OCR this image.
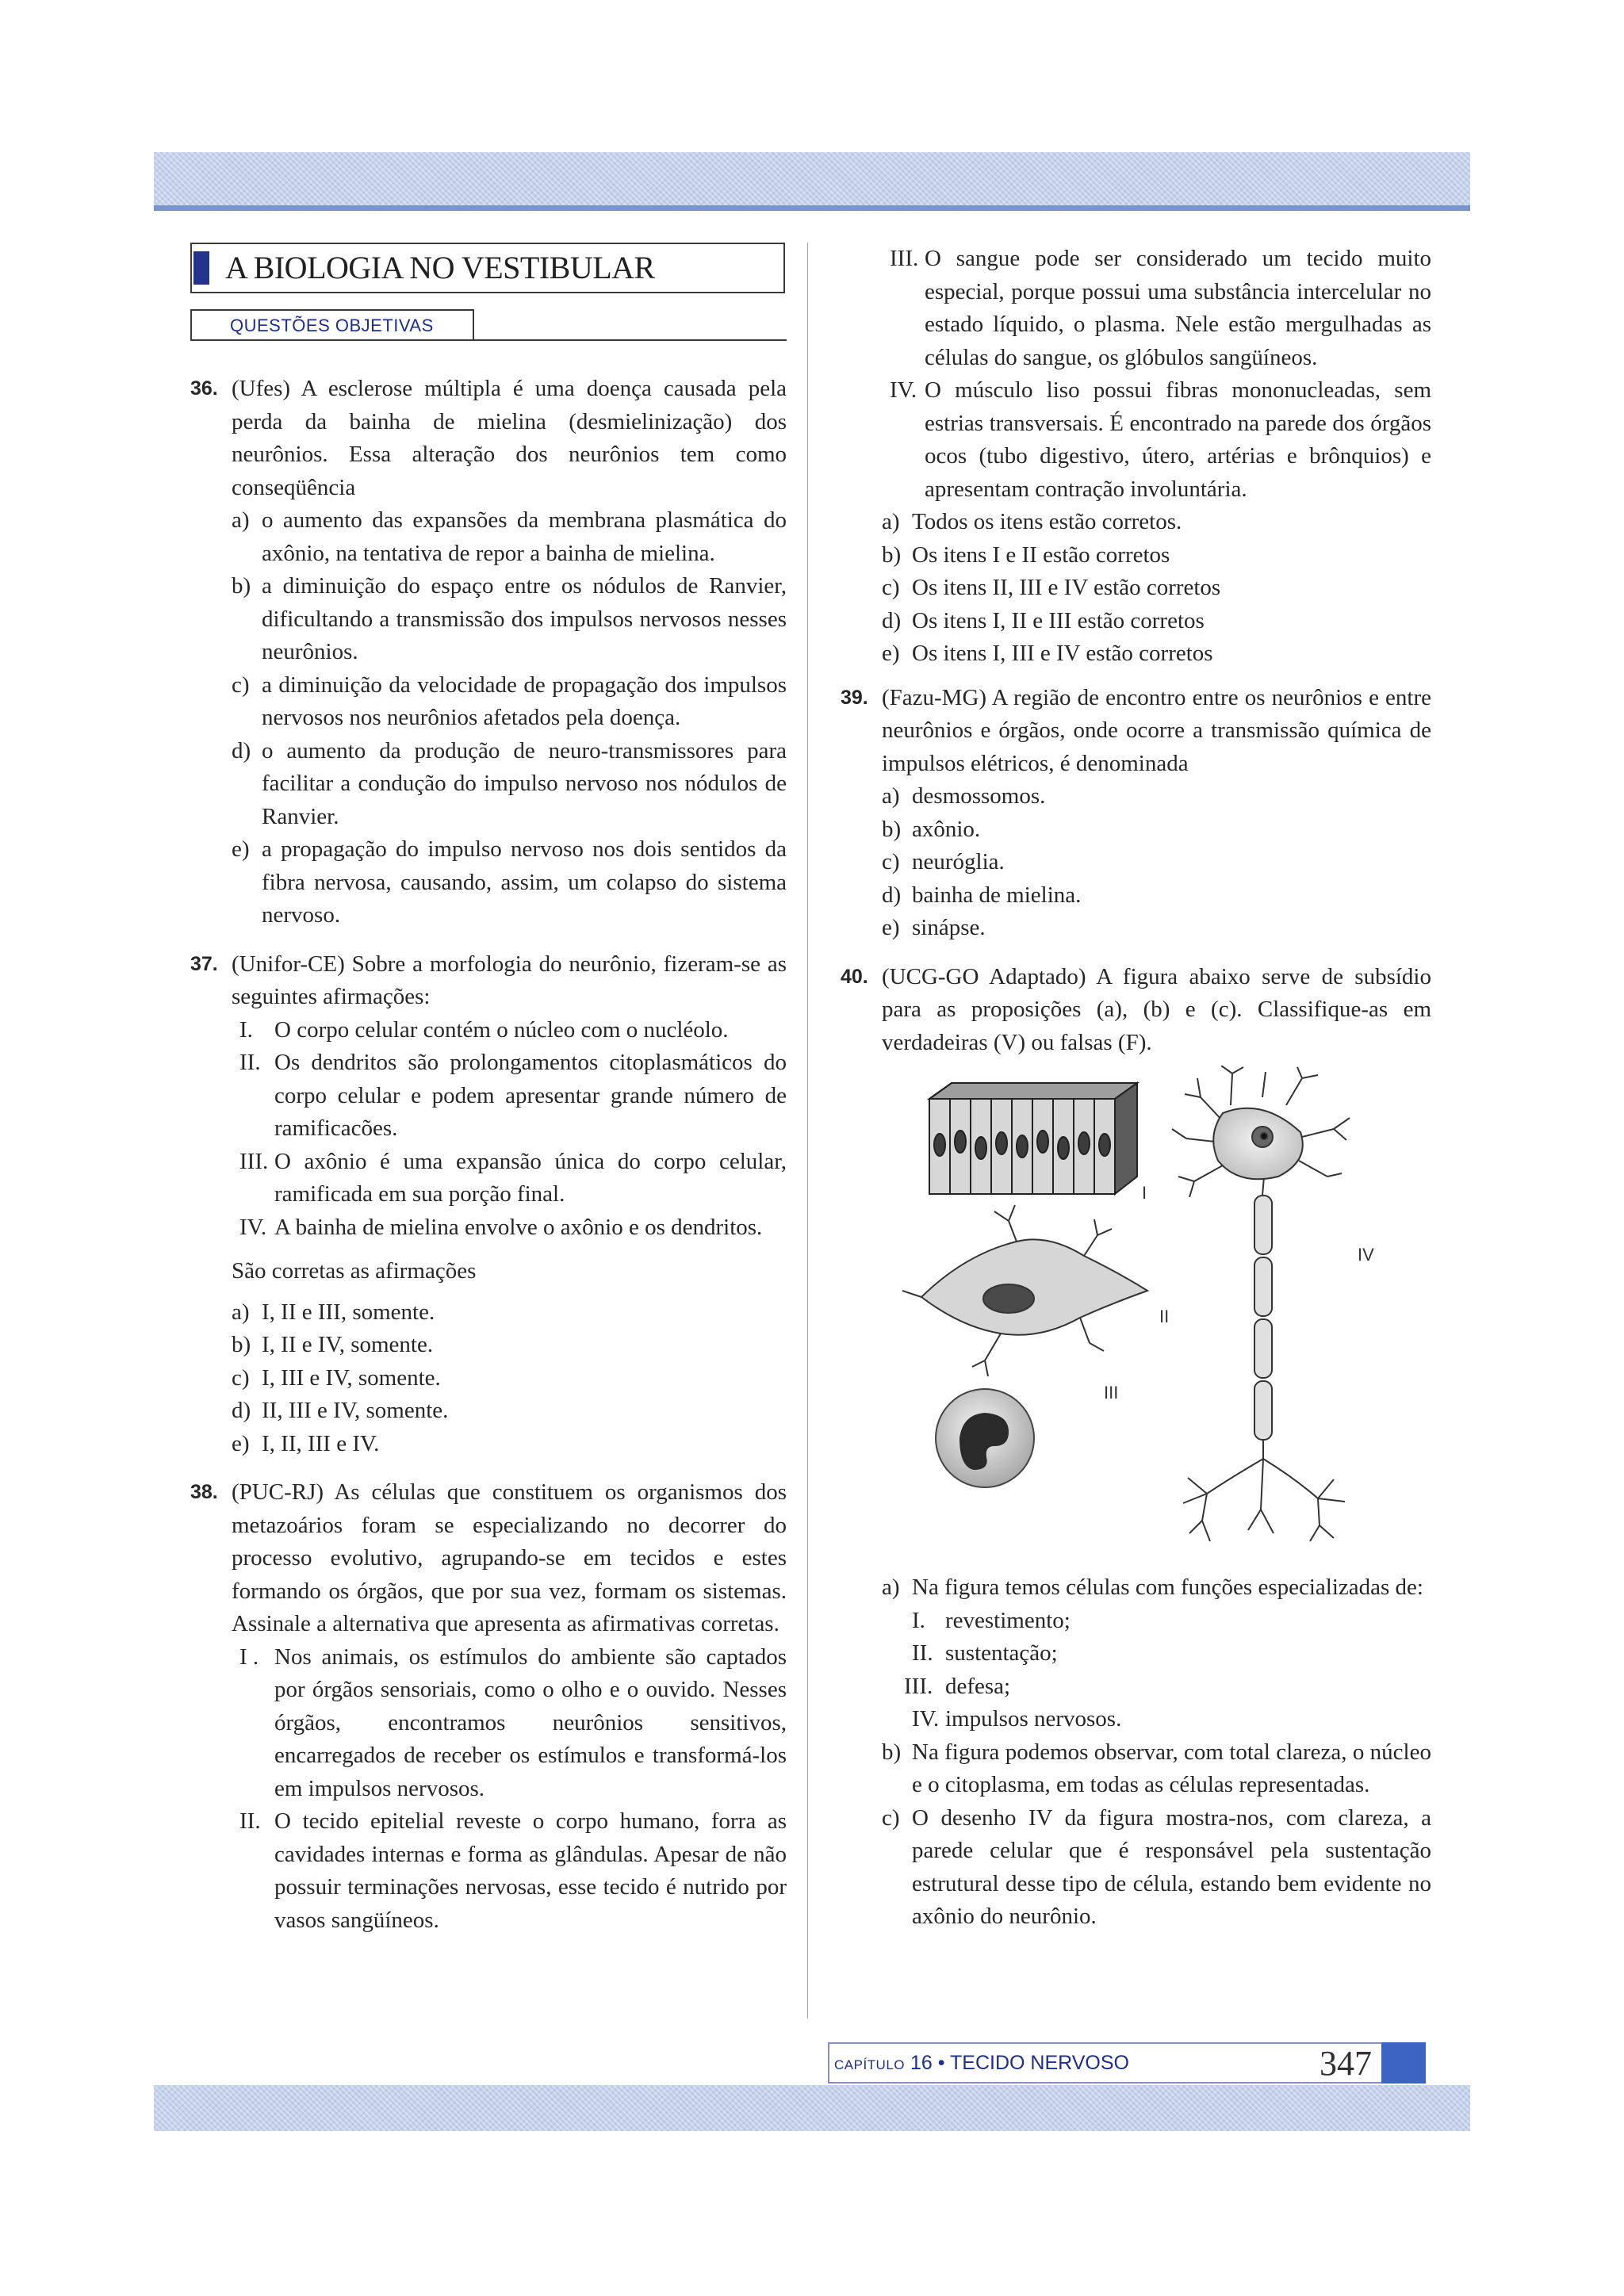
A BIOLOGIA NO VESTIBULAR
QUESTÕES OBJETIVAS
36. (Ufes) A esclerose múltipla é uma doença causada pela perda da bainha de mielina (desmielinização) dos neurônios. Essa alteração dos neurônios tem como conseqüência
a) o aumento das expansões da membrana plasmática do axônio, na tentativa de repor a bainha de mielina.
b) a diminuição do espaço entre os nódulos de Ranvier, dificultando a transmissão dos impulsos nervosos nesses neurônios.
c) a diminuição da velocidade de propagação dos impulsos nervosos nos neurônios afetados pela doença.
d) o aumento da produção de neuro-transmissores para facilitar a condução do impulso nervoso nos nódulos de Ranvier.
e) a propagação do impulso nervoso nos dois sentidos da fibra nervosa, causando, assim, um colapso do sistema nervoso.
37. (Unifor-CE) Sobre a morfologia do neurônio, fizeram-se as seguintes afirmações:
I. O corpo celular contém o núcleo com o nucléolo.
II. Os dendritos são prolongamentos citoplasmáticos do corpo celular e podem apresentar grande número de ramificacões.
III. O axônio é uma expansão única do corpo celular, ramificada em sua porção final.
IV. A bainha de mielina envolve o axônio e os dendritos.
São corretas as afirmações
a) I, II e III, somente.
b) I, II e IV, somente.
c) I, III e IV, somente.
d) II, III e IV, somente.
e) I, II, III e IV.
38. (PUC-RJ) As células que constituem os organismos dos metazoários foram se especializando no decorrer do processo evolutivo, agrupando-se em tecidos e estes formando os órgãos, que por sua vez, formam os sistemas. Assinale a alternativa que apresenta as afirmativas corretas.
I . Nos animais, os estímulos do ambiente são captados por órgãos sensoriais, como o olho e o ouvido. Nesses órgãos, encontramos neurônios sensitivos, encarregados de receber os estímulos e transformá-los em impulsos nervosos.
II. O tecido epitelial reveste o corpo humano, forra as cavidades internas e forma as glândulas. Apesar de não possuir terminações nervosas, esse tecido é nutrido por vasos sangüíneos.
III. O sangue pode ser considerado um tecido muito especial, porque possui uma substância intercelular no estado líquido, o plasma. Nele estão mergulhadas as células do sangue, os glóbulos sangüíneos.
IV. O músculo liso possui fibras mononucleadas, sem estrias transversais. É encontrado na parede dos órgãos ocos (tubo digestivo, útero, artérias e brônquios) e apresentam contração involuntária.
a) Todos os itens estão corretos.
b) Os itens I e II estão corretos
c) Os itens II, III e IV estão corretos
d) Os itens I, II e III estão corretos
e) Os itens I, III e IV estão corretos
39. (Fazu-MG) A região de encontro entre os neurônios e entre neurônios e órgãos, onde ocorre a transmissão química de impulsos elétricos, é denominada
a) desmossomos.
b) axônio.
c) neuróglia.
d) bainha de mielina.
e) sinápse.
40. (UCG-GO Adaptado) A figura abaixo serve de subsídio para as proposições (a), (b) e (c). Classifique-as em verdadeiras (V) ou falsas (F).
I
II
III
IV
a) Na figura temos células com funções especializadas de:
I. revestimento;
II. sustentação;
III. defesa;
IV. impulsos nervosos.
b) Na figura podemos observar, com total clareza, o núcleo e o citoplasma, em todas as células representadas.
c) O desenho IV da figura mostra-nos, com clareza, a parede celular que é responsável pela sustentação estrutural desse tipo de célula, estando bem evidente no axônio do neurônio.
CAPÍTULO 16 • TECIDO NERVOSO	347
